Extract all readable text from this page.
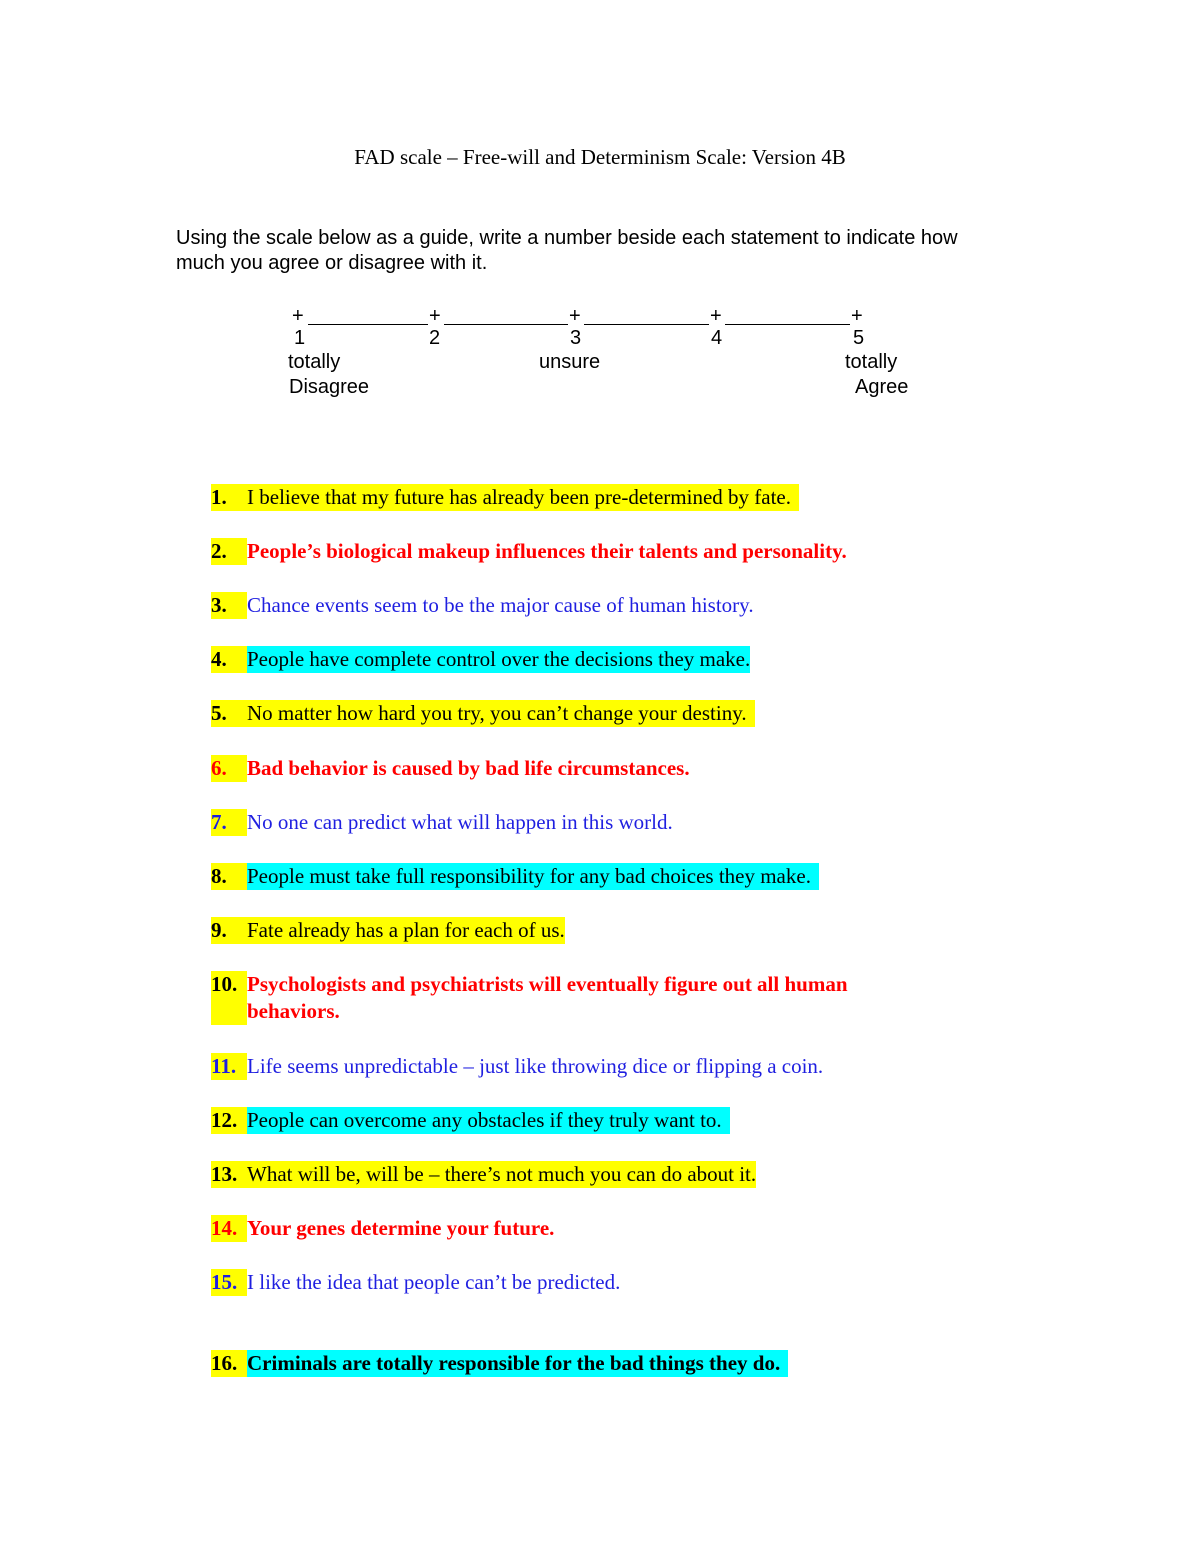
FAD scale – Free-will and Determinism Scale: Version 4B
Using the scale below as a guide, write a number beside each statement to indicate how much you agree or disagree with it.
+	+	+	+	+
1	2	3	4	5
totally
Disagree
unsure	totally
Agree
1. I believe that my future has already been pre-determined by fate.
2. People’s biological makeup influences their talents and personality.
3. Chance events seem to be the major cause of human history.
4. People have complete control over the decisions they make.
5. No matter how hard you try, you can’t change your destiny.
6. Bad behavior is caused by bad life circumstances.
7. No one can predict what will happen in this world.
8. People must take full responsibility for any bad choices they make.
9. Fate already has a plan for each of us.
10. Psychologists and psychiatrists will eventually figure out all human behaviors.
11. Life seems unpredictable – just like throwing dice or flipping a coin.
12. People can overcome any obstacles if they truly want to.
13. What will be, will be – there’s not much you can do about it.
14. Your genes determine your future.
15. I like the idea that people can’t be predicted.
16. Criminals are totally responsible for the bad things they do.
